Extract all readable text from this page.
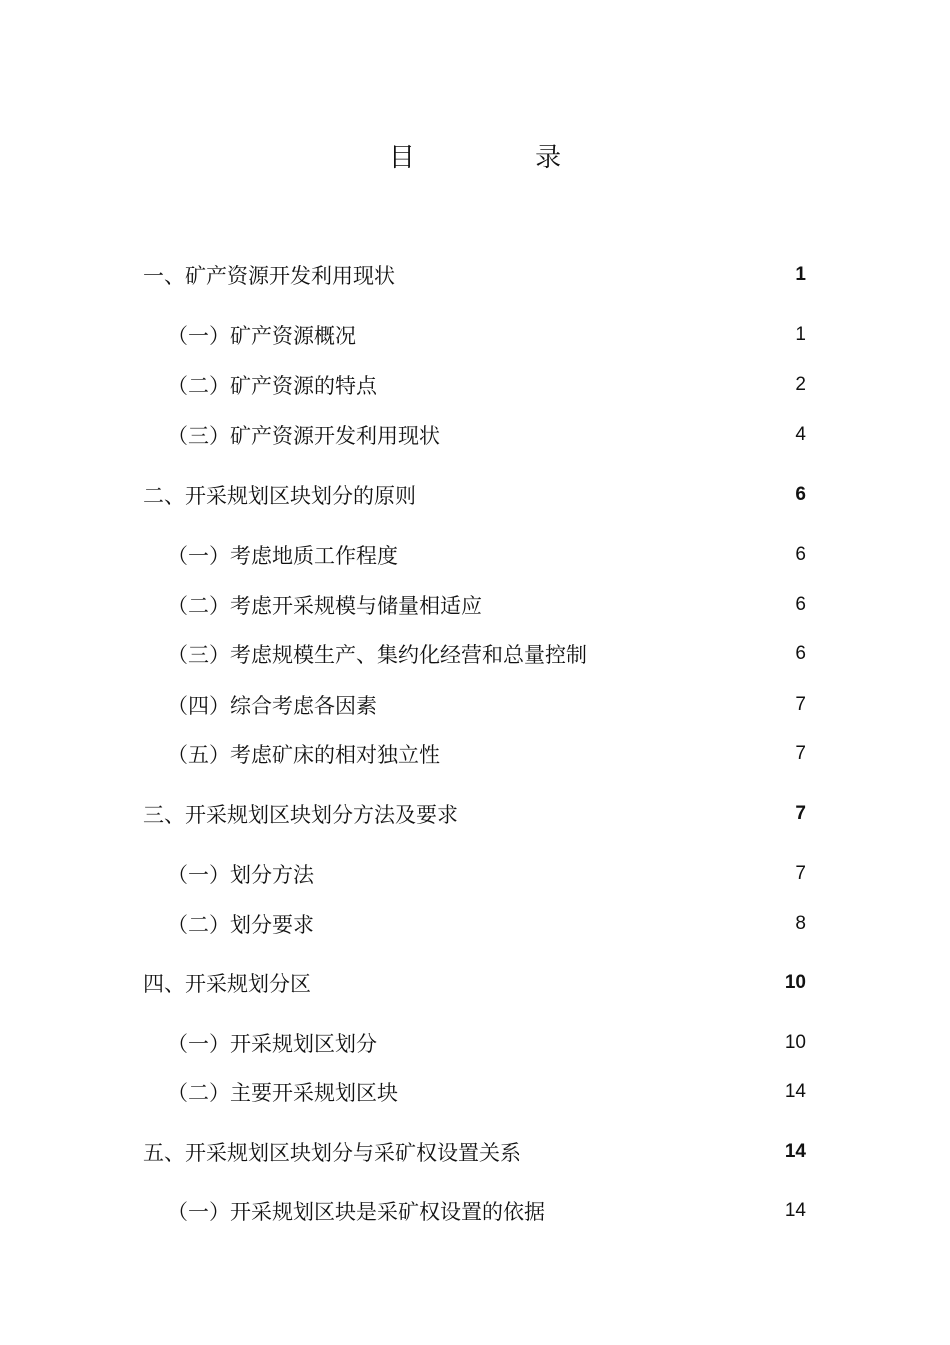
目 录
一、矿产资源开发利用现状	1
（一）矿产资源概况	1
（二）矿产资源的特点	2
（三）矿产资源开发利用现状	4
二、开采规划区块划分的原则	6
（一）考虑地质工作程度	6
（二）考虑开采规模与储量相适应	6
（三）考虑规模生产、集约化经营和总量控制	6
（四）综合考虑各因素	7
（五）考虑矿床的相对独立性	7
三、开采规划区块划分方法及要求	7
（一）划分方法	7
（二）划分要求	8
四、开采规划分区	10
（一）开采规划区划分	10
（二）主要开采规划区块	14
五、开采规划区块划分与采矿权设置关系	14
（一）开采规划区块是采矿权设置的依据	14
